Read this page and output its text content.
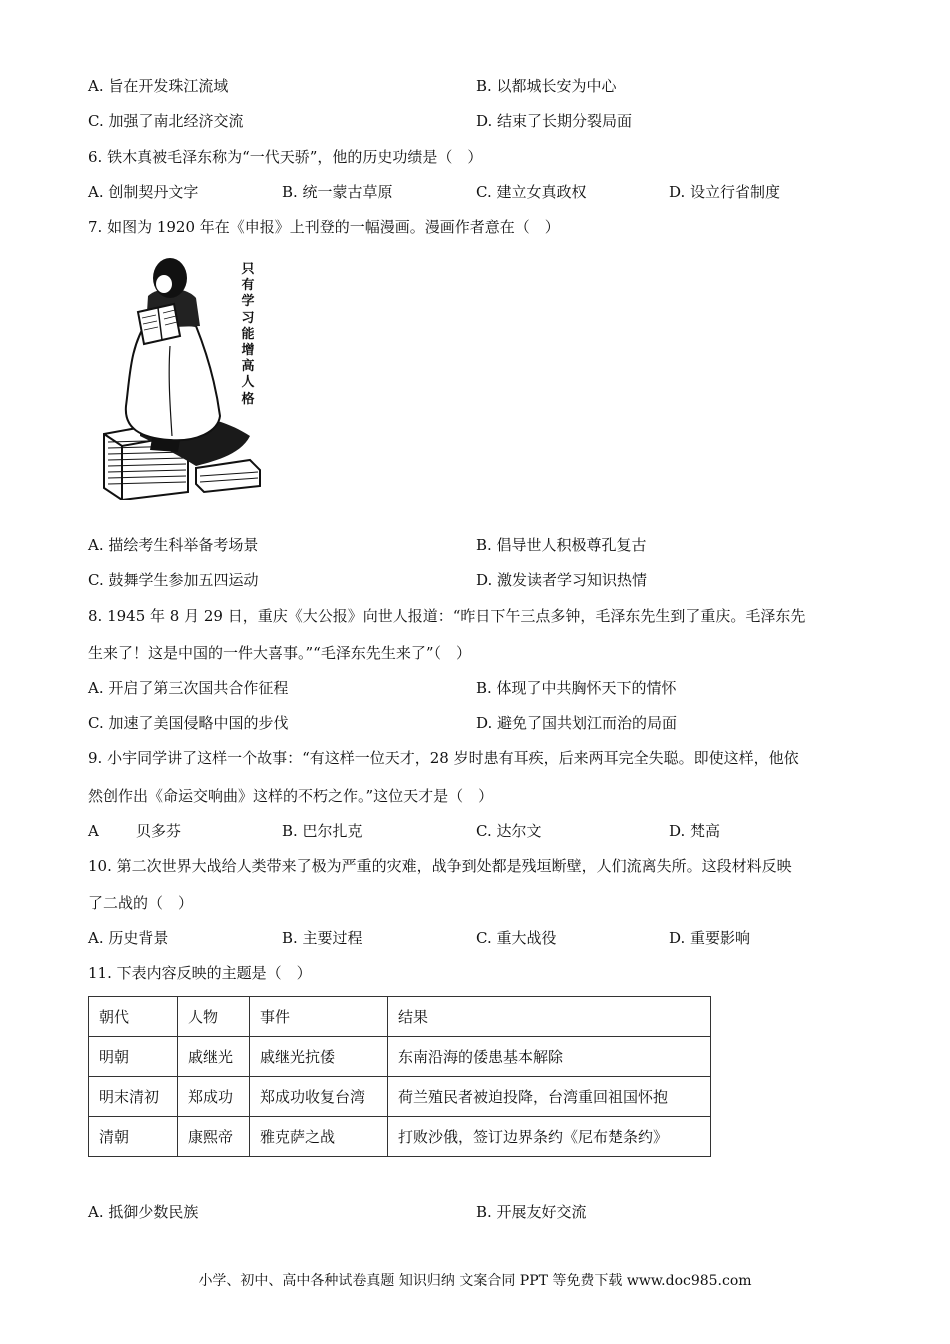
A. 旨在开发珠江流域	B. 以都城长安为中心
C. 加强了南北经济交流	D. 结束了长期分裂局面
6. 铁木真被毛泽东称为“一代天骄”，他的历史功绩是（　）
A. 创制契丹文字	B. 统一蒙古草原	C. 建立女真政权	D. 设立行省制度
7. 如图为 1920 年在《申报》上刊登的一幅漫画。漫画作者意在（　）
只有学习能增高人格
A. 描绘考生科举备考场景	B. 倡导世人积极尊孔复古
C. 鼓舞学生参加五四运动	D. 激发读者学习知识热情
8. 1945 年 8 月 29 日，重庆《大公报》向世人报道：“昨日下午三点多钟，毛泽东先生到了重庆。毛泽东先
生来了！这是中国的一件大喜事。”“毛泽东先生来了”（　）
A. 开启了第三次国共合作征程	B. 体现了中共胸怀天下的情怀
C. 加速了美国侵略中国的步伐	D. 避免了国共划江而治的局面
9. 小宇同学讲了这样一个故事：“有这样一位天才，28 岁时患有耳疾，后来两耳完全失聪。即使这样，他依
然创作出《命运交响曲》这样的不朽之作。”这位天才是（　）
A 贝多芬	B. 巴尔扎克	C. 达尔文	D. 梵高
10. 第二次世界大战给人类带来了极为严重的灾难，战争到处都是残垣断壁，人们流离失所。这段材料反映
了二战的（　）
A. 历史背景	B. 主要过程	C. 重大战役	D. 重要影响
11. 下表内容反映的主题是（　）
朝代	人物	事件	结果
明朝	戚继光	戚继光抗倭	东南沿海的倭患基本解除
明末清初	郑成功	郑成功收复台湾	荷兰殖民者被迫投降，台湾重回祖国怀抱
清朝	康熙帝	雅克萨之战	打败沙俄，签订边界条约《尼布楚条约》
A. 抵御少数民族	B. 开展友好交流
小学、初中、高中各种试卷真题 知识归纳 文案合同 PPT 等免费下载 www.doc985.com
